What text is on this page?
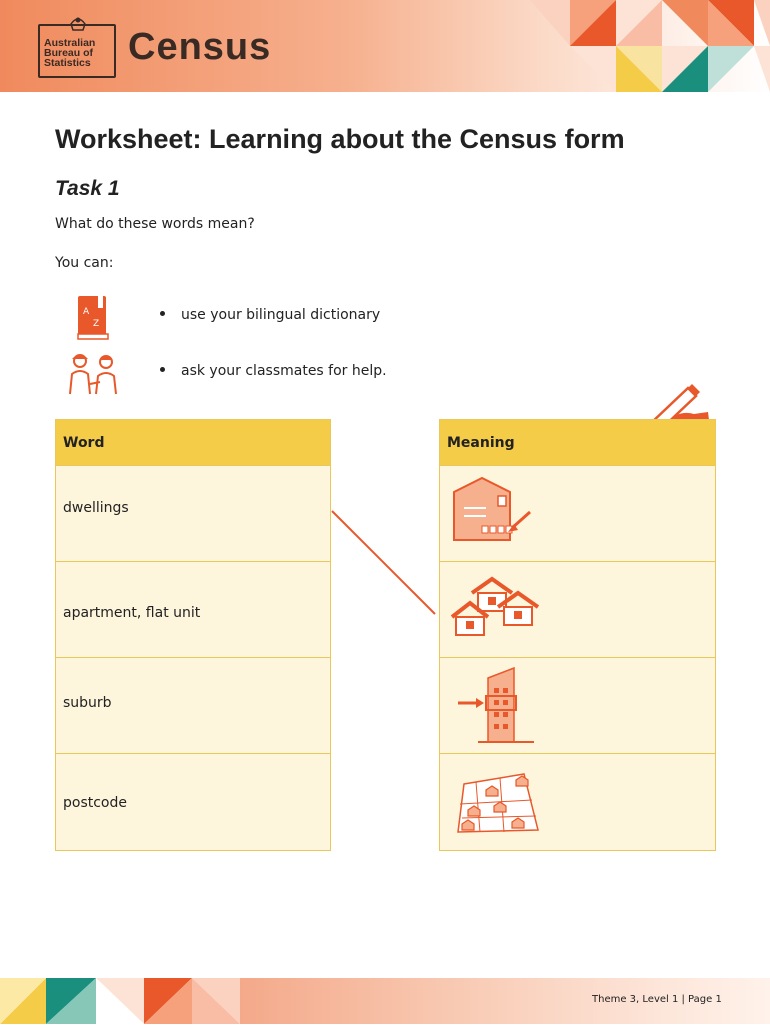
Australian
Bureau of
Statistics Census
Worksheet: Learning about the Census form
Task 1
What do these words mean?
You can:
A
Z
use your bilingual dictionary
ask your classmates for help.
Word
dwellings
apartment, flat unit
suburb
postcode
Meaning
Theme 3, Level 1 | Page 1
